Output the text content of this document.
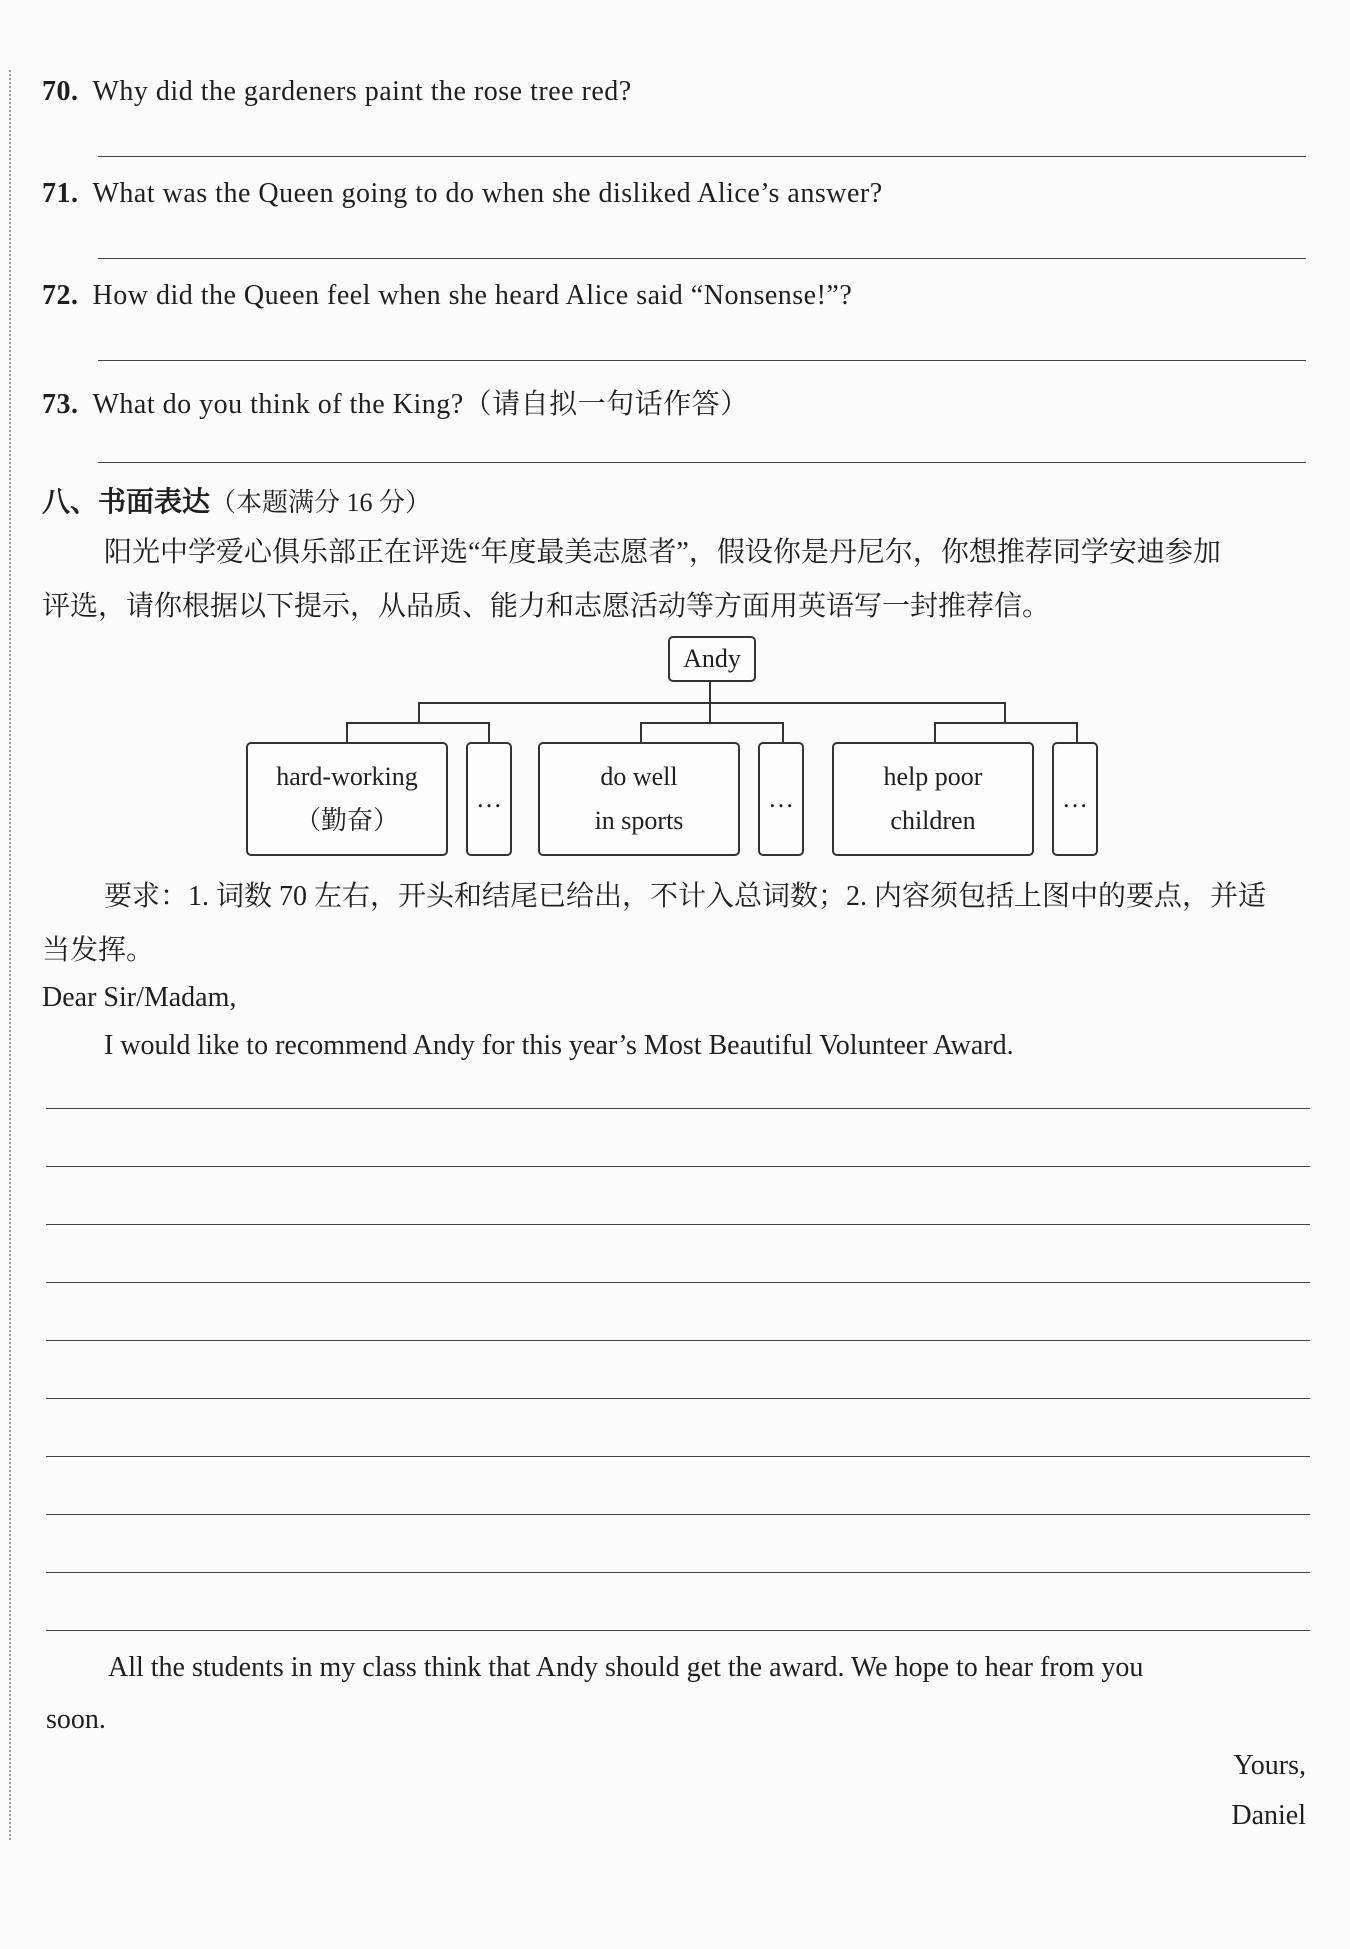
70. Why did the gardeners paint the rose tree red?
71. What was the Queen going to do when she disliked Alice’s answer?
72. How did the Queen feel when she heard Alice said “Nonsense!”?
73. What do you think of the King?（请自拟一句话作答）
八、书面表达（本题满分 16 分）
阳光中学爱心俱乐部正在评选“年度最美志愿者”，假设你是丹尼尔，你想推荐同学安迪参加
评选，请你根据以下提示，从品质、能力和志愿活动等方面用英语写一封推荐信。
Andy
hard-working
（勤奋）
…
do well
in sports
…
help poor
children
…
要求：1. 词数 70 左右，开头和结尾已给出，不计入总词数；2. 内容须包括上图中的要点，并适
当发挥。
Dear Sir/Madam,
I would like to recommend Andy for this year’s Most Beautiful Volunteer Award.
All the students in my class think that Andy should get the award. We hope to hear from you
soon.
Yours,
Daniel
